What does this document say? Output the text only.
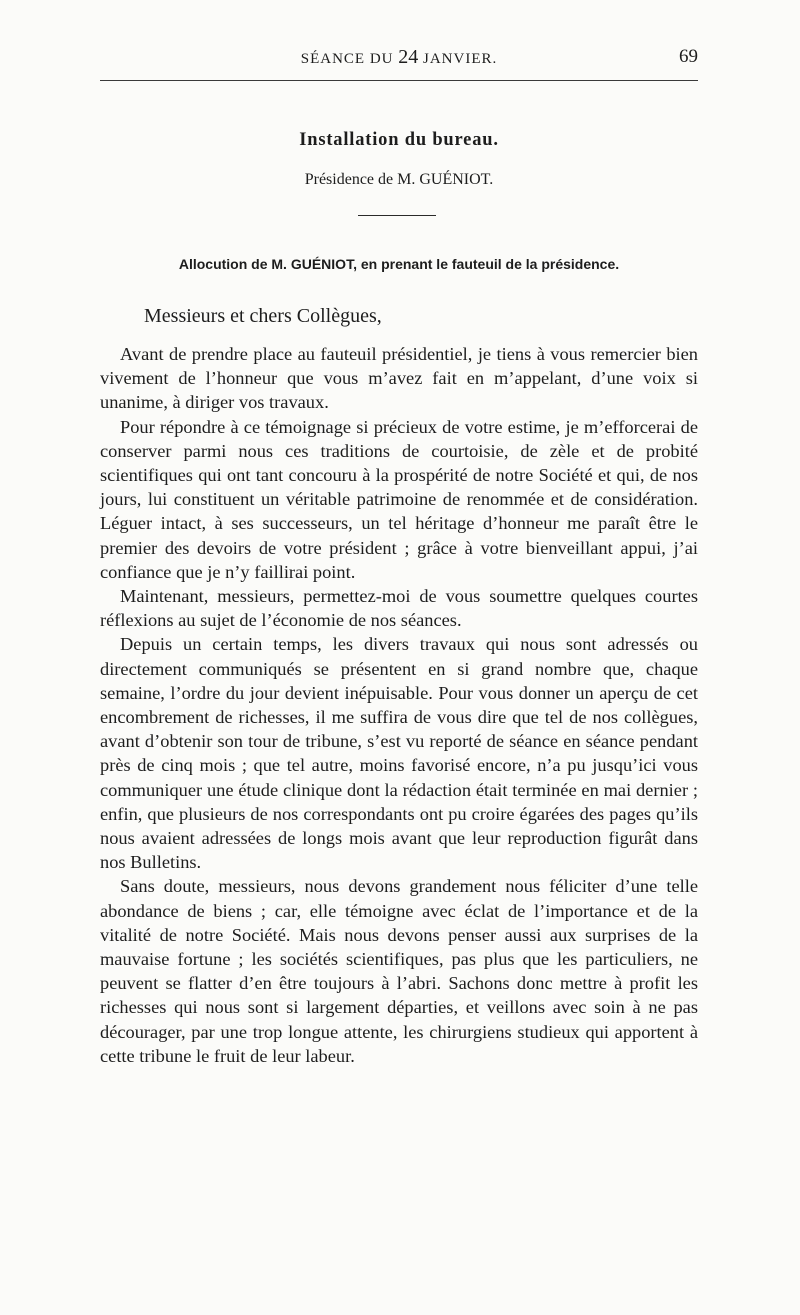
SÉANCE DU 24 JANVIER.	69
Installation du bureau.
Présidence de M. GUÉNIOT.
Allocution de M. GUÉNIOT, en prenant le fauteuil de la présidence.
Messieurs et chers Collègues,

Avant de prendre place au fauteuil présidentiel, je tiens à vous remercier bien vivement de l’honneur que vous m’avez fait en m’appelant, d’une voix si unanime, à diriger vos travaux.

Pour répondre à ce témoignage si précieux de votre estime, je m’efforcerai de conserver parmi nous ces traditions de courtoisie, de zèle et de probité scientifiques qui ont tant concouru à la prospérité de notre Société et qui, de nos jours, lui constituent un véritable patrimoine de renommée et de considération. Léguer intact, à ses successeurs, un tel héritage d’honneur me paraît être le premier des devoirs de votre président ; grâce à votre bienveillant appui, j’ai confiance que je n’y faillirai point.

Maintenant, messieurs, permettez-moi de vous soumettre quelques courtes réflexions au sujet de l’économie de nos séances.

Depuis un certain temps, les divers travaux qui nous sont adressés ou directement communiqués se présentent en si grand nombre que, chaque semaine, l’ordre du jour devient inépuisable. Pour vous donner un aperçu de cet encombrement de richesses, il me suffira de vous dire que tel de nos collègues, avant d’obtenir son tour de tribune, s’est vu reporté de séance en séance pendant près de cinq mois ; que tel autre, moins favorisé encore, n’a pu jusqu’ici vous communiquer une étude clinique dont la rédaction était terminée en mai dernier ; enfin, que plusieurs de nos correspondants ont pu croire égarées des pages qu’ils nous avaient adressées de longs mois avant que leur reproduction figurât dans nos Bulletins.

Sans doute, messieurs, nous devons grandement nous féliciter d’une telle abondance de biens ; car, elle témoigne avec éclat de l’importance et de la vitalité de notre Société. Mais nous devons penser aussi aux surprises de la mauvaise fortune ; les sociétés scientifiques, pas plus que les particuliers, ne peuvent se flatter d’en être toujours à l’abri. Sachons donc mettre à profit les richesses qui nous sont si largement départies, et veillons avec soin à ne pas décourager, par une trop longue attente, les chirurgiens studieux qui apportent à cette tribune le fruit de leur labeur.
